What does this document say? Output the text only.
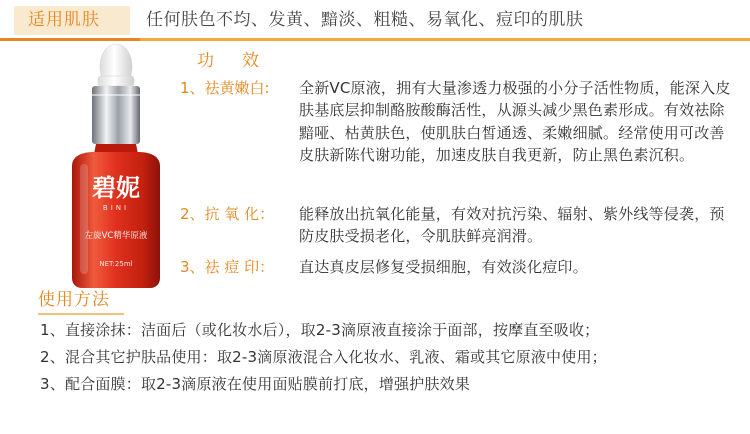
适用肌肤	任何肤色不均、发黄、黯淡、粗糙、易氧化、痘印的肌肤
碧妮
BINI
左旋VC精华原液
NET:25ml
功效
1、祛黄嫩白: 全新VC原液，拥有大量渗透力极强的小分子活性物质，能深入皮肤基底层抑制酪胺酸酶活性，从源头减少黑色素形成。有效祛除黯哑、枯黄肤色，使肌肤白皙通透、柔嫩细腻。经常使用可改善皮肤新陈代谢功能，加速皮肤自我更新，防止黑色素沉积。
2、抗 氧 化： 能释放出抗氧化能量，有效对抗污染、辐射、紫外线等侵袭，预防皮肤受损老化，令肌肤鲜亮润滑。
3、祛 痘 印： 直达真皮层修复受损细胞，有效淡化痘印。
使用方法
1、直接涂抹：洁面后（或化妆水后），取2-3滴原液直接涂于面部，按摩直至吸收；
2、混合其它护肤品使用：取2-3滴原液混合入化妆水、乳液、霜或其它原液中使用；
3、配合面膜：取2-3滴原液在使用面贴膜前打底，增强护肤效果
